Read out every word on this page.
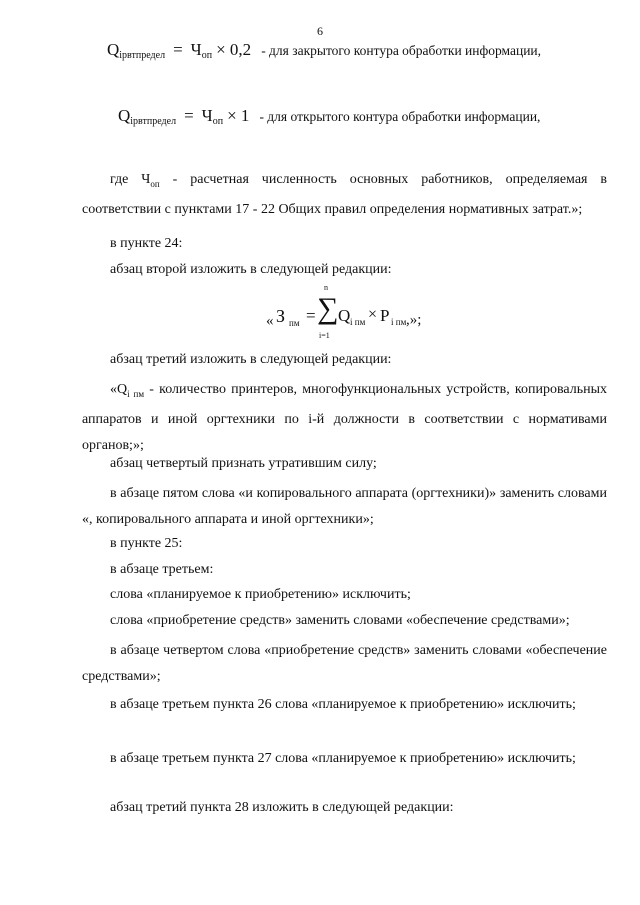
6
$Q_{iрвтпредел} = Ч_{оп} \times 0,2$ - для закрытого контура обработки информации,
$Q_{iрвтпредел} = Ч_{оп} \times 1$ - для открытого контура обработки информации,
где $Ч_{оп}$ - расчетная численность основных работников, определяемая в соответствии с пунктами 17 - 22 Общих правил определения нормативных затрат.»;
в пункте 24:
абзац второй изложить в следующей редакции:
« З пм =
n
∑
i=1
Q i пм × P i пм ,»;
абзац третий изложить в следующей редакции:
«$Q_{i пм}$ - количество принтеров, многофункциональных устройств, копировальных аппаратов и иной оргтехники по i-й должности в соответствии с нормативами органов;»;
абзац четвертый признать утратившим силу;
в абзаце пятом слова «и копировального аппарата (оргтехники)» заменить словами «, копировального аппарата и иной оргтехники»;
в пункте 25:
в абзаце третьем:
слова «планируемое к приобретению» исключить;
слова «приобретение средств» заменить словами «обеспечение средствами»;
в абзаце четвертом слова «приобретение средств» заменить словами «обеспечение средствами»;
в абзаце третьем пункта 26 слова «планируемое к приобретению» исключить;
в абзаце третьем пункта 27 слова «планируемое к приобретению» исключить;
абзац третий пункта 28 изложить в следующей редакции:
